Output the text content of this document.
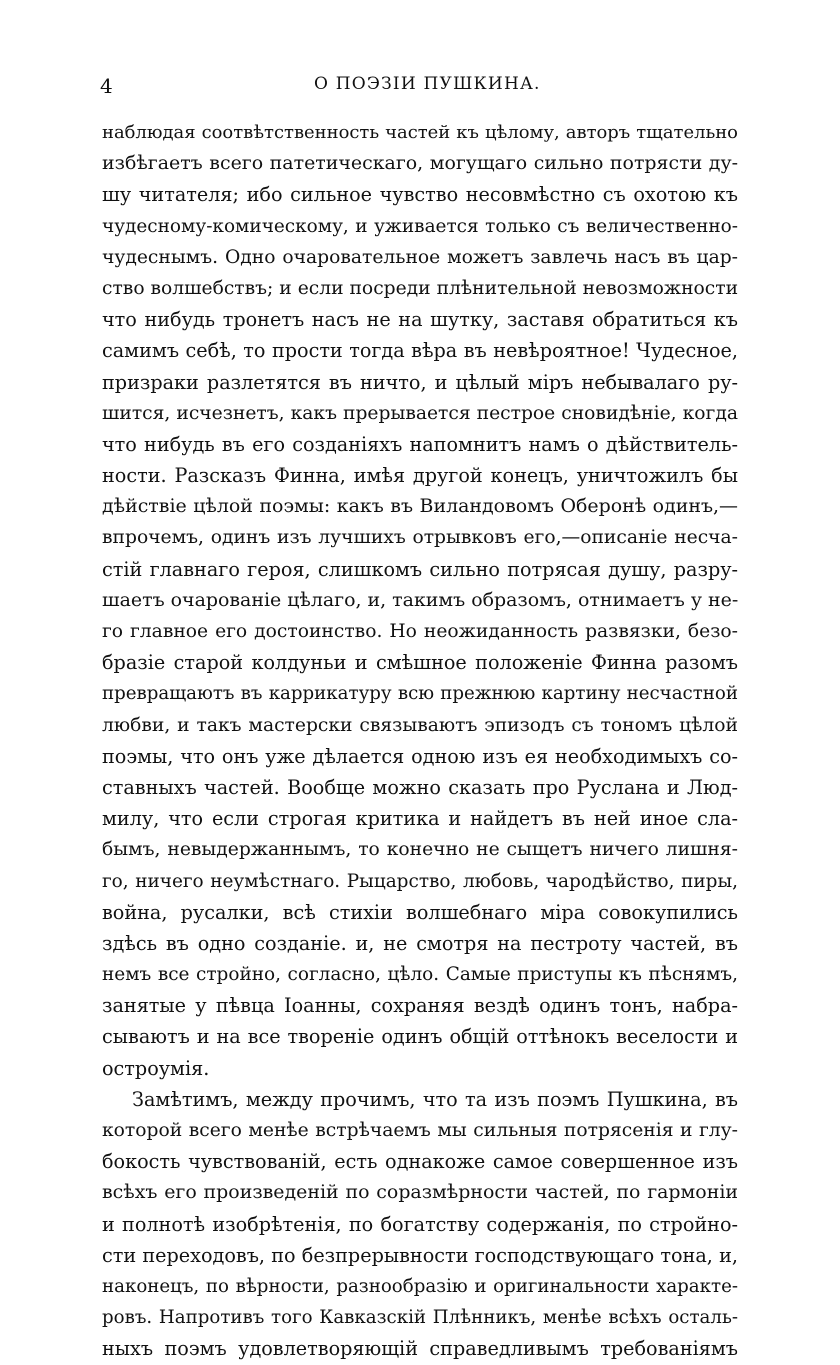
4	О ПОЭЗІИ ПУШКИНА.
наблюдая соотвѣтственность частей къ цѣлому, авторъ тщательно
избѣгаетъ всего патетическаго, могущаго сильно потрясти ду-
шу читателя; ибо сильное чувство несовмѣстно съ охотою къ
чудесному-комическому, и уживается только съ величественно-
чудеснымъ. Одно очаровательное можетъ завлечь насъ въ цар-
ство волшебствъ; и если посреди плѣнительной невозможности
что нибудь тронетъ насъ не на шутку, заставя обратиться къ
самимъ себѣ, то прости тогда вѣра въ невѣроятное! Чудесное,
призраки разлетятся въ ничто, и цѣлый міръ небывалаго ру-
шится, исчезнетъ, какъ прерывается пестрое сновидѣніе, когда
что нибудь въ его созданіяхъ напомнитъ намъ о дѣйствитель-
ности. Разсказъ Финна, имѣя другой конецъ, уничтожилъ бы
дѣйствіе цѣлой поэмы: какъ въ Виландовомъ Оберонѣ одинъ,—
впрочемъ, одинъ изъ лучшихъ отрывковъ его,—описаніе несча-
стій главнаго героя, слишкомъ сильно потрясая душу, разру-
шаетъ очарованіе цѣлаго, и, такимъ образомъ, отнимаетъ у не-
го главное его достоинство. Но неожиданность развязки, безо-
бразіе старой колдуньи и смѣшное положеніе Финна разомъ
превращаютъ въ каррикатуру всю прежнюю картину несчастной
любви, и такъ мастерски связываютъ эпизодъ съ тономъ цѣлой
поэмы, что онъ уже дѣлается одною изъ ея необходимыхъ со-
ставныхъ частей. Вообще можно сказать про Руслана и Люд-
милу, что если строгая критика и найдетъ въ ней иное сла-
бымъ, невыдержаннымъ, то конечно не сыщетъ ничего лишня-
го, ничего неумѣстнаго. Рыцарство, любовь, чародѣйство, пиры,
война, русалки, всѣ стихіи волшебнаго міра совокупились
здѣсь въ одно созданіе. и, не смотря на пестроту частей, въ
немъ все стройно, согласно, цѣло. Самые приступы къ пѣснямъ,
занятые у пѣвца Іоанны, сохраняя вездѣ одинъ тонъ, набра-
сываютъ и на все твореніе одинъ общій оттѣнокъ веселости и
остроумія.
Замѣтимъ, между прочимъ, что та изъ поэмъ Пушкина, въ
которой всего менѣе встрѣчаемъ мы сильныя потрясенія и глу-
бокость чувствованій, есть однакоже самое совершенное изъ
всѣхъ его произведеній по соразмѣрности частей, по гармоніи
и полнотѣ изобрѣтенія, по богатству содержанія, по стройно-
сти переходовъ, по безпрерывности господствующаго тона, и,
наконецъ, по вѣрности, разнообразію и оригинальности характе-
ровъ. Напротивъ того Кавказскій Плѣнникъ, менѣе всѣхъ осталь-
ныхъ поэмъ удовлетворяющій справедливымъ требованіямъ
